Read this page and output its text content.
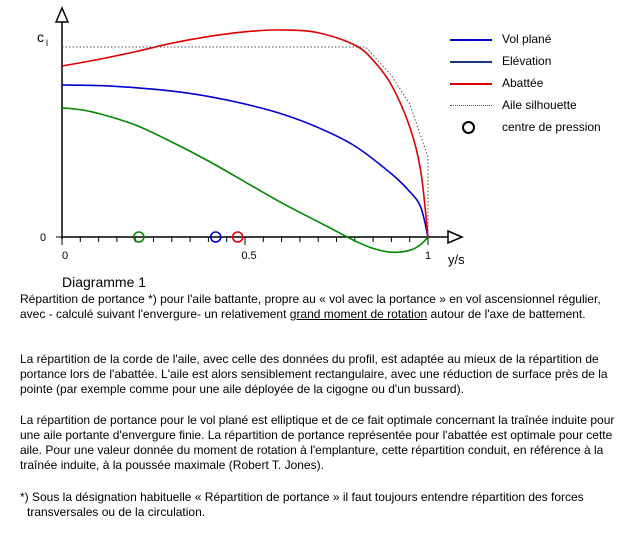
0	0.5	1
0
c l
y/s
Vol plané
Elévation
Abattée
Aile silhouette
centre de pression
Diagramme 1

Répartition de portance *) pour l'aile battante, propre au « vol avec la portance » en vol ascensionnel régulier, avec - calculé suivant l'envergure- un relativement grand moment de rotation autour de l'axe de battement.

La répartition de la corde de l'aile, avec celle des données du profil, est adaptée au mieux de la répartition de portance lors de l'abattée. L'aile est alors sensiblement rectangulaire, avec une réduction de surface près de la pointe (par exemple comme pour une aile déployée de la cigogne ou d'un bussard).

La répartition de portance pour le vol plané est elliptique et de ce fait optimale concernant la traînée induite pour une aile portante d'envergure finie. La répartition de portance représentée pour l'abattée est optimale pour cette aile. Pour une valeur donnée du moment de rotation à l'emplanture, cette répartition conduit, en référence à la traînée induite, à la poussée maximale (Robert T. Jones).

*) Sous la désignation habituelle « Répartition de portance » il faut toujours entendre répartition des forces transversales ou de la circulation.
